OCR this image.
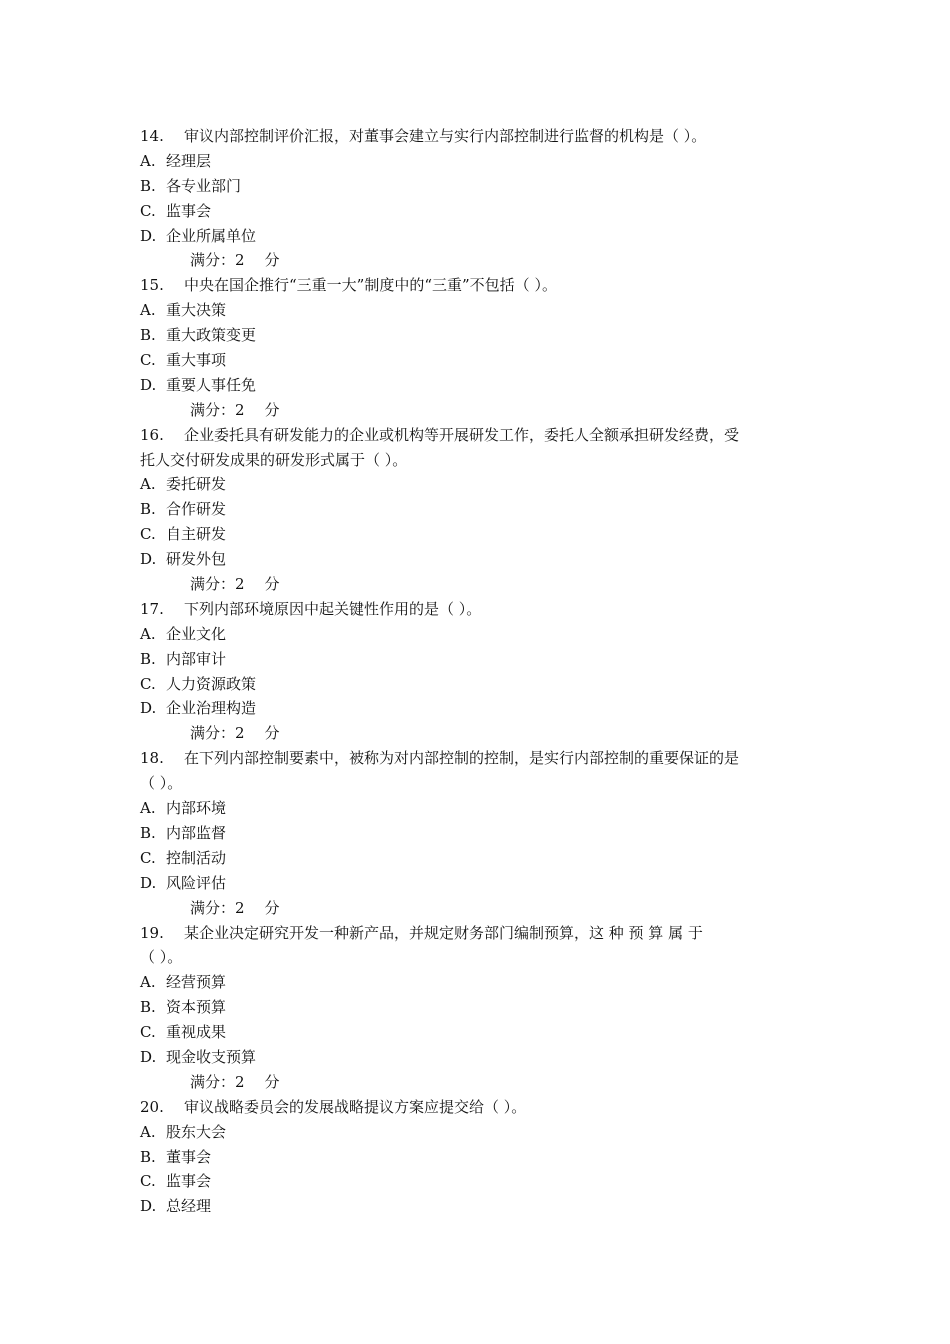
14. 审议内部控制评价汇报，对董事会建立与实行内部控制进行监督的机构是（ ）。
A. 经理层
B. 各专业部门
C. 监事会
D. 企业所属单位
满分：2 分
15. 中央在国企推行“三重一大”制度中的“三重”不包括（ ）。
A. 重大决策
B. 重大政策变更
C. 重大事项
D. 重要人事任免
满分：2 分
16. 企业委托具有研发能力的企业或机构等开展研发工作，委托人全额承担研发经费，受
托人交付研发成果的研发形式属于（ ）。
A. 委托研发
B. 合作研发
C. 自主研发
D. 研发外包
满分：2 分
17. 下列内部环境原因中起关键性作用的是（ ）。
A. 企业文化
B. 内部审计
C. 人力资源政策
D. 企业治理构造
满分：2 分
18. 在下列内部控制要素中，被称为对内部控制的控制，是实行内部控制的重要保证的是
（ ）。
A. 内部环境
B. 内部监督
C. 控制活动
D. 风险评估
满分：2 分
19. 某企业决定研究开发一种新产品，并规定财务部门编制预算，这 种 预 算 属 于
（ ）。
A. 经营预算
B. 资本预算
C. 重视成果
D. 现金收支预算
满分：2 分
20. 审议战略委员会的发展战略提议方案应提交给（ ）。
A. 股东大会
B. 董事会
C. 监事会
D. 总经理
